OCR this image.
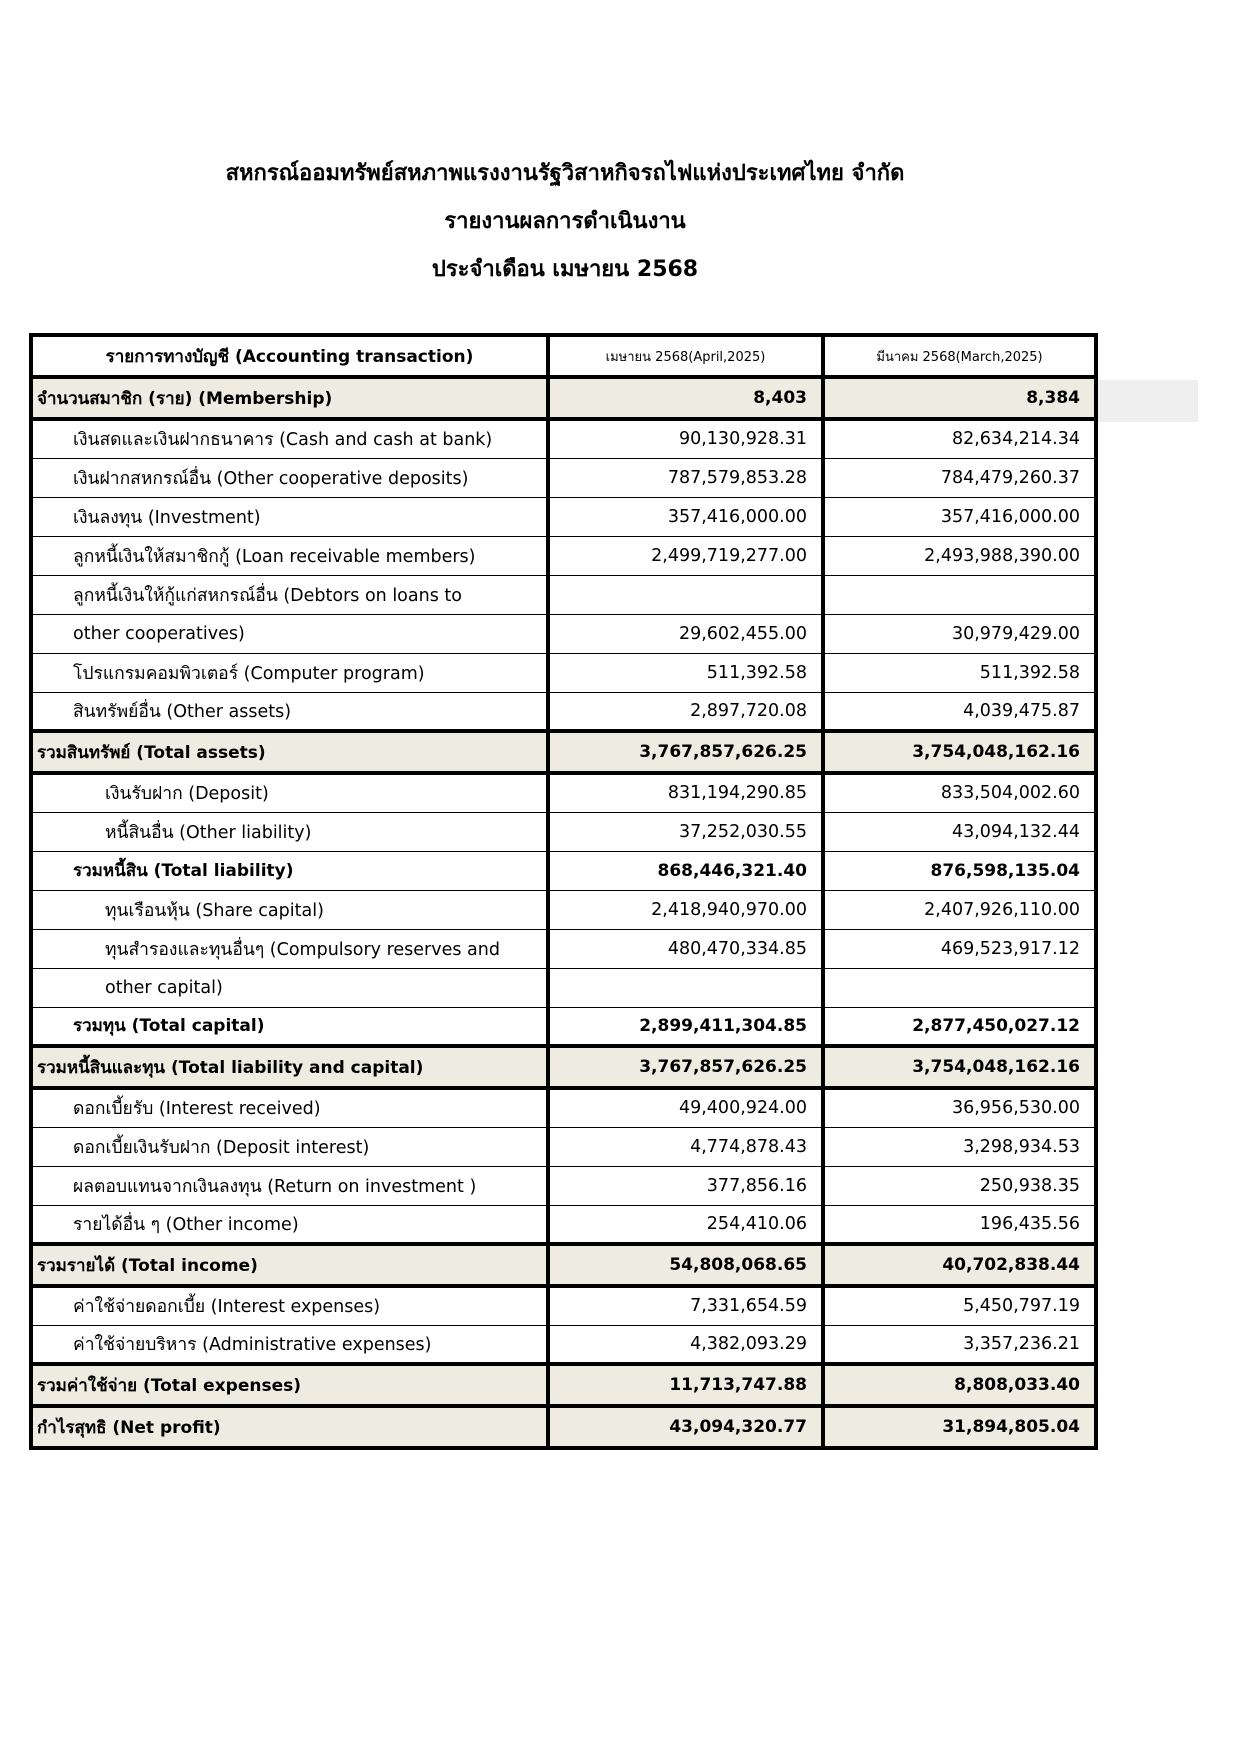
สหกรณ์ออมทรัพย์สหภาพแรงงานรัฐวิสาหกิจรถไฟแห่งประเทศไทย จำกัด
รายงานผลการดำเนินงาน
ประจำเดือน เมษายน 2568
รายการทางบัญชี (Accounting transaction)	เมษายน 2568(April,2025)	มีนาคม 2568(March,2025)
จำนวนสมาชิก (ราย) (Membership)	8,403	8,384
เงินสดและเงินฝากธนาคาร (Cash and cash at bank)	90,130,928.31	82,634,214.34
เงินฝากสหกรณ์อื่น (Other cooperative deposits)	787,579,853.28	784,479,260.37
เงินลงทุน (Investment)	357,416,000.00	357,416,000.00
ลูกหนี้เงินให้สมาชิกกู้ (Loan receivable members)	2,499,719,277.00	2,493,988,390.00
ลูกหนี้เงินให้กู้แก่สหกรณ์อื่น (Debtors on loans to		
other cooperatives)	29,602,455.00	30,979,429.00
โปรแกรมคอมพิวเตอร์ (Computer program)	511,392.58	511,392.58
สินทรัพย์อื่น (Other assets)	2,897,720.08	4,039,475.87
รวมสินทรัพย์ (Total assets)	3,767,857,626.25	3,754,048,162.16
เงินรับฝาก (Deposit)	831,194,290.85	833,504,002.60
หนี้สินอื่น (Other liability)	37,252,030.55	43,094,132.44
รวมหนี้สิน (Total liability)	868,446,321.40	876,598,135.04
ทุนเรือนหุ้น (Share capital)	2,418,940,970.00	2,407,926,110.00
ทุนสำรองและทุนอื่นๆ (Compulsory reserves and	480,470,334.85	469,523,917.12
other capital)		
รวมทุน (Total capital)	2,899,411,304.85	2,877,450,027.12
รวมหนี้สินและทุน (Total liability and capital)	3,767,857,626.25	3,754,048,162.16
ดอกเบี้ยรับ (Interest received)	49,400,924.00	36,956,530.00
ดอกเบี้ยเงินรับฝาก (Deposit interest)	4,774,878.43	3,298,934.53
ผลตอบแทนจากเงินลงทุน (Return on investment )	377,856.16	250,938.35
รายได้อื่น ๆ (Other income)	254,410.06	196,435.56
รวมรายได้ (Total income)	54,808,068.65	40,702,838.44
ค่าใช้จ่ายดอกเบี้ย (Interest expenses)	7,331,654.59	5,450,797.19
ค่าใช้จ่ายบริหาร (Administrative expenses)	4,382,093.29	3,357,236.21
รวมค่าใช้จ่าย (Total expenses)	11,713,747.88	8,808,033.40
กำไรสุทธิ (Net profit)	43,094,320.77	31,894,805.04
